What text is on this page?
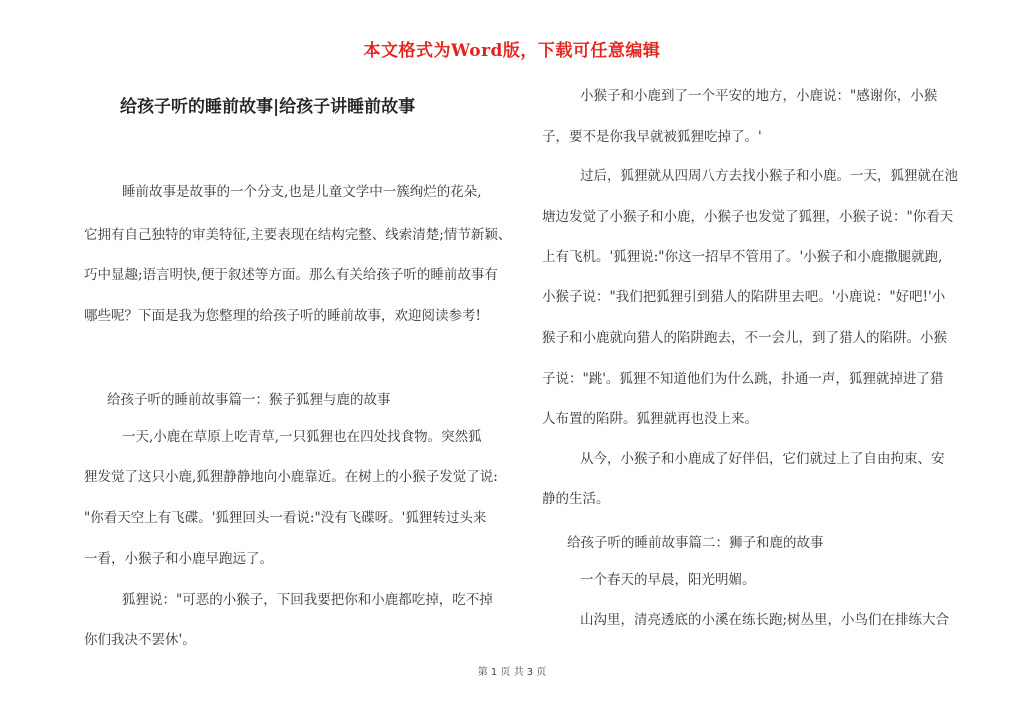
本文格式为Word版，下载可任意编辑
给孩子听的睡前故事|给孩子讲睡前故事
睡前故事是故事的一个分支,也是儿童文学中一簇绚烂的花朵,
它拥有自己独特的审美特征,主要表现在结构完整、线索清楚;情节新颖、
巧中显趣;语言明快,便于叙述等方面。那么有关给孩子听的睡前故事有
哪些呢？下面是我为您整理的给孩子听的睡前故事，欢迎阅读参考!
给孩子听的睡前故事篇一：猴子狐狸与鹿的故事
一天,小鹿在草原上吃青草,一只狐狸也在四处找食物。突然狐
狸发觉了这只小鹿,狐狸静静地向小鹿靠近。在树上的小猴子发觉了说:
"你看天空上有飞碟。'狐狸回头一看说:"没有飞碟呀。'狐狸转过头来
一看，小猴子和小鹿早跑远了。
狐狸说："可恶的小猴子，下回我要把你和小鹿都吃掉，吃不掉
你们我决不罢休'。
小猴子和小鹿到了一个平安的地方，小鹿说："感谢你，小猴
子，要不是你我早就被狐狸吃掉了。'
过后，狐狸就从四周八方去找小猴子和小鹿。一天，狐狸就在池
塘边发觉了小猴子和小鹿，小猴子也发觉了狐狸，小猴子说："你看天
上有飞机。'狐狸说:"你这一招早不管用了。'小猴子和小鹿撒腿就跑,
小猴子说："我们把狐狸引到猎人的陷阱里去吧。'小鹿说："好吧!'小
猴子和小鹿就向猎人的陷阱跑去，不一会儿，到了猎人的陷阱。小猴
子说："跳'。狐狸不知道他们为什么跳，扑通一声，狐狸就掉进了猎
人布置的陷阱。狐狸就再也没上来。
从今，小猴子和小鹿成了好伴侣，它们就过上了自由拘束、安
静的生活。
给孩子听的睡前故事篇二：狮子和鹿的故事
一个春天的早晨，阳光明媚。
山沟里，清亮透底的小溪在练长跑;树丛里，小鸟们在排练大合
第 1 页 共 3 页
